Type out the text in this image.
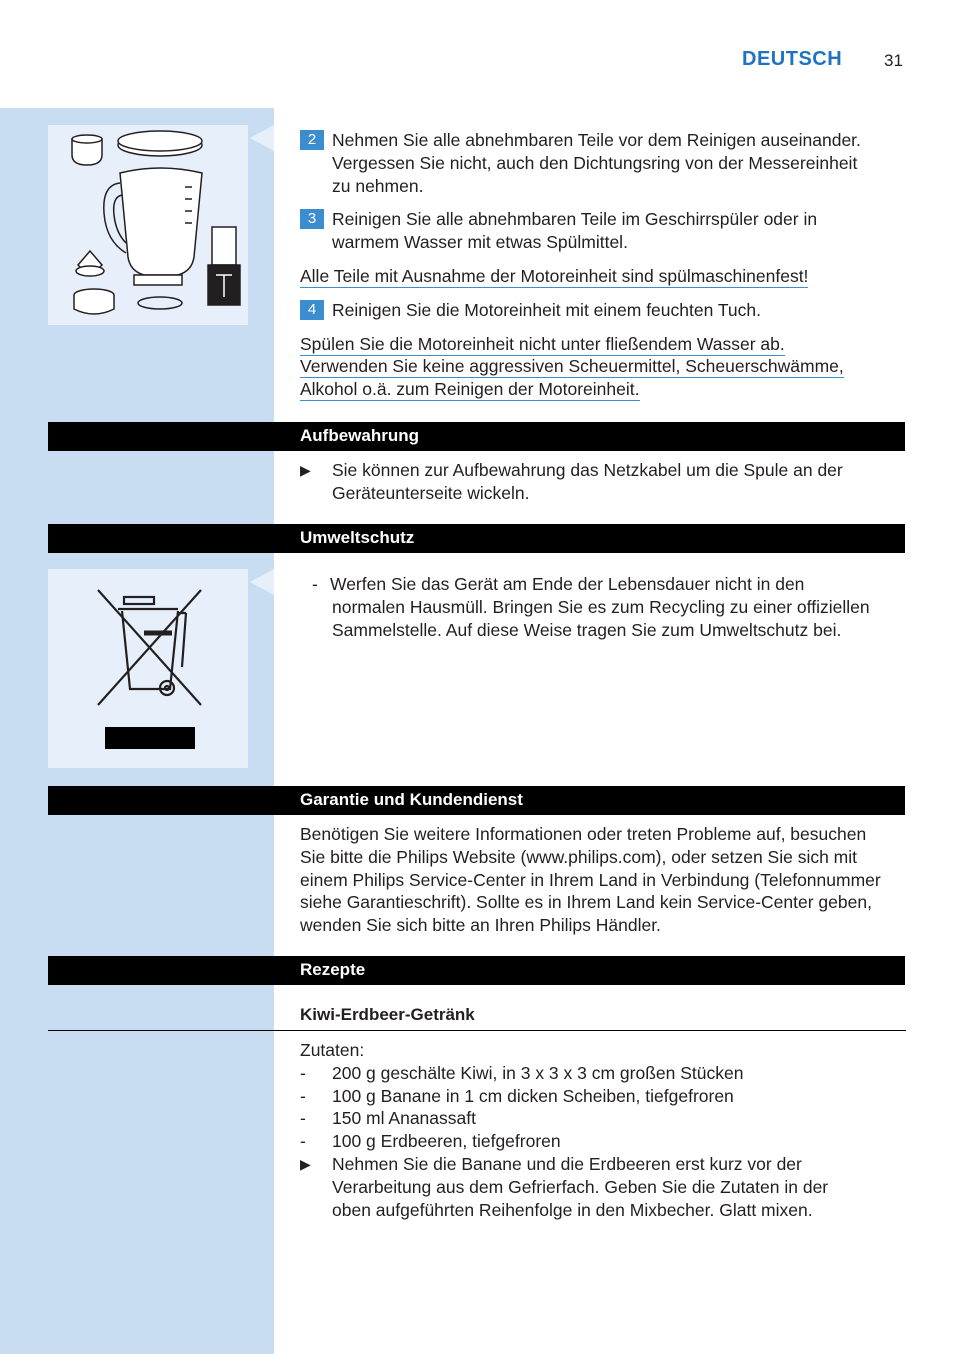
DEUTSCH 31
2 Nehmen Sie alle abnehmbaren Teile vor dem Reinigen auseinander.
Vergessen Sie nicht, auch den Dichtungsring von der Messereinheit
zu nehmen.
3 Reinigen Sie alle abnehmbaren Teile im Geschirrspüler oder in
warmem Wasser mit etwas Spülmittel.
Alle Teile mit Ausnahme der Motoreinheit sind spülmaschinenfest!
4 Reinigen Sie die Motoreinheit mit einem feuchten Tuch.
Spülen Sie die Motoreinheit nicht unter fließendem Wasser ab.
Verwenden Sie keine aggressiven Scheuermittel, Scheuerschwämme,
Alkohol o.ä. zum Reinigen der Motoreinheit.
Aufbewahrung
▶	Sie können zur Aufbewahrung das Netzkabel um die Spule an der
Geräteunterseite wickeln.
Umweltschutz
- Werfen Sie das Gerät am Ende der Lebensdauer nicht in den
normalen Hausmüll. Bringen Sie es zum Recycling zu einer offiziellen
Sammelstelle. Auf diese Weise tragen Sie zum Umweltschutz bei.
Garantie und Kundendienst
Benötigen Sie weitere Informationen oder treten Probleme auf, besuchen
Sie bitte die Philips Website (www.philips.com), oder setzen Sie sich mit
einem Philips Service-Center in Ihrem Land in Verbindung (Telefonnummer
siehe Garantieschrift). Sollte es in Ihrem Land kein Service-Center geben,
wenden Sie sich bitte an Ihren Philips Händler.
Rezepte
Kiwi-Erdbeer-Getränk
Zutaten:
-	200 g geschälte Kiwi, in 3 x 3 x 3 cm großen Stücken
-	100 g Banane in 1 cm dicken Scheiben, tiefgefroren
-	150 ml Ananassaft
-	100 g Erdbeeren, tiefgefroren
▶	Nehmen Sie die Banane und die Erdbeeren erst kurz vor der
Verarbeitung aus dem Gefrierfach. Geben Sie die Zutaten in der
oben aufgeführten Reihenfolge in den Mixbecher. Glatt mixen.
